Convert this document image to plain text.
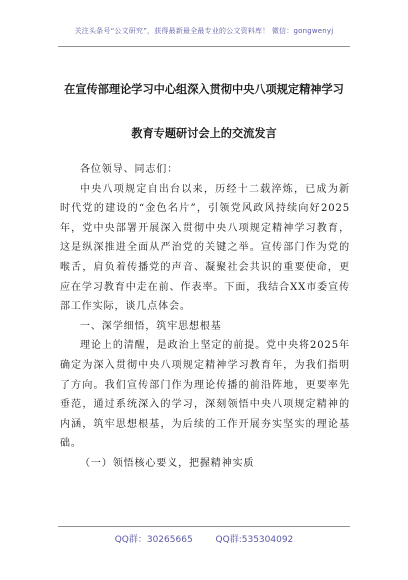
关注头条号“公文研究”，获得最新最全最专业的公文资料库！ 微信：gongwenyj
在宣传部理论学习中心组深入贯彻中央八项规定精神学习
教育专题研讨会上的交流发言

各位领导、同志们：

中央八项规定自出台以来，历经十二载淬炼，已成为新时代党的建设的“金色名片”，引领党风政风持续向好2025年，党中央部署开展深入贯彻中央八项规定精神学习教育，这是纵深推进全面从严治党的关键之举。宣传部门作为党的喉舌，肩负着传播党的声音、凝聚社会共识的重要使命，更应在学习教育中走在前、作表率。下面，我结合XX市委宣传部工作实际，谈几点体会。

一、深学细悟，筑牢思想根基

理论上的清醒，是政治上坚定的前提。党中央将2025年确定为深入贯彻中央八项规定精神学习教育年，为我们指明了方向。我们宣传部门作为理论传播的前沿阵地，更要率先垂范，通过系统深入的学习，深刻领悟中央八项规定精神的内涵，筑牢思想根基，为后续的工作开展夯实坚实的理论基础。

（一）领悟核心要义，把握精神实质

QQ群：30265665	QQ群:535304092
